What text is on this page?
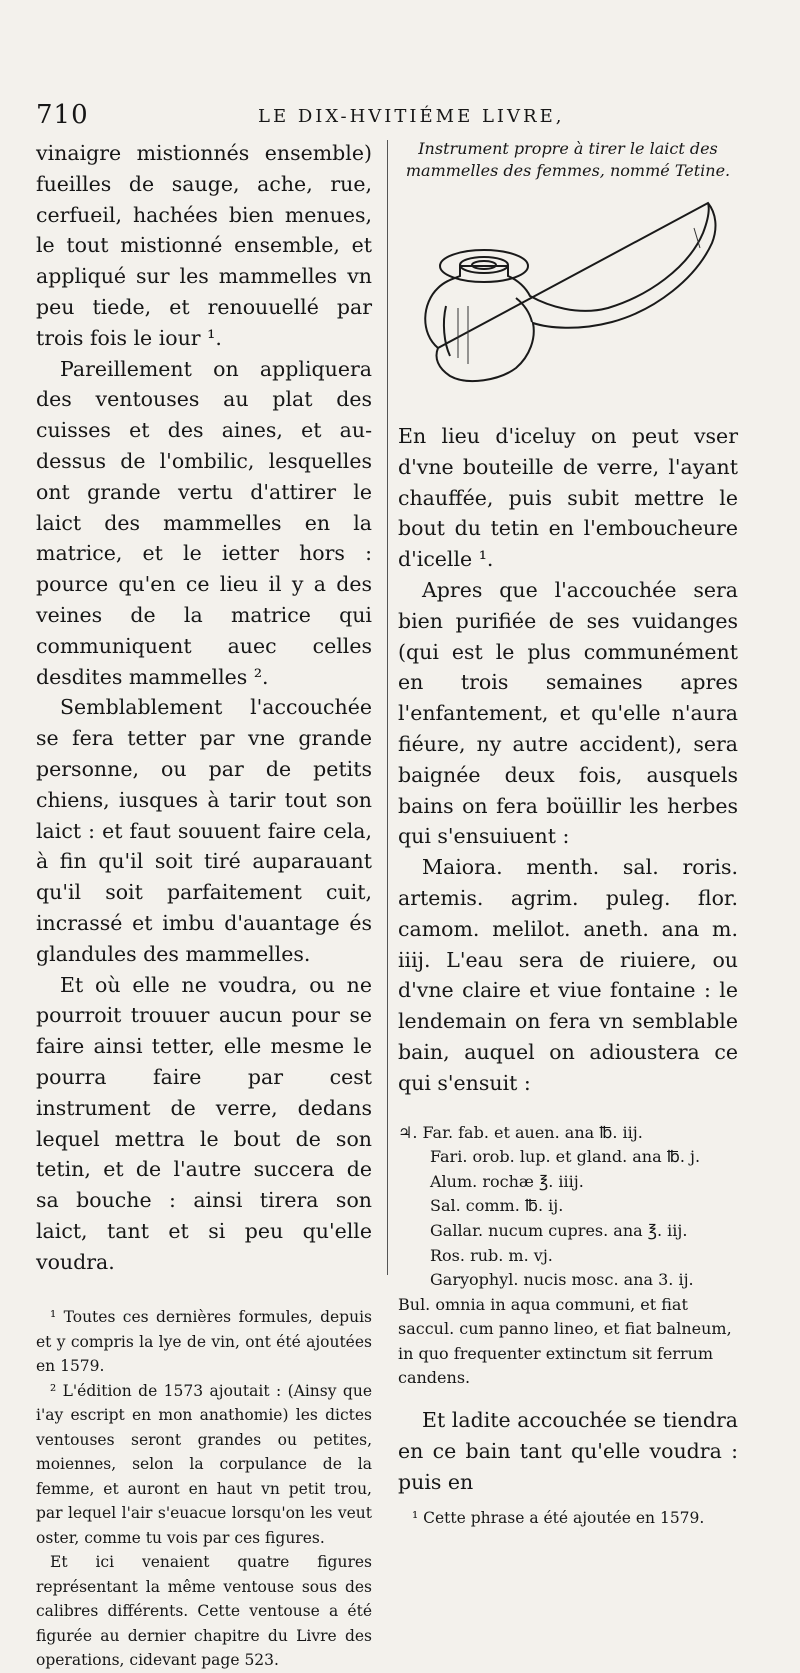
710	LE DIX-HVITIÉME LIVRE,

vinaigre mistionnés ensemble) fueilles de sauge, ache, rue, cerfueil, hachées bien menues, le tout mistionné ensemble, et appliqué sur les mammelles vn peu tiede, et renouuellé par trois fois le iour ¹.

Pareillement on appliquera des ventouses au plat des cuisses et des aines, et au-dessus de l'ombilic, lesquelles ont grande vertu d'attirer le laict des mammelles en la matrice, et le ietter hors : pource qu'en ce lieu il y a des veines de la matrice qui communiquent auec celles desdites mammelles ².

Semblablement l'accouchée se fera tetter par vne grande personne, ou par de petits chiens, iusques à tarir tout son laict : et faut souuent faire cela, à fin qu'il soit tiré auparauant qu'il soit parfaitement cuit, incrassé et imbu d'auantage és glandules des mammelles.

Et où elle ne voudra, ou ne pourroit trouuer aucun pour se faire ainsi tetter, elle mesme le pourra faire par cest instrument de verre, dedans lequel mettra le bout de son tetin, et de l'autre succera de sa bouche : ainsi tirera son laict, tant et si peu qu'elle voudra.

¹ Toutes ces dernières formules, depuis et y compris la lye de vin, ont été ajoutées en 1579.

² L'édition de 1573 ajoutait : (Ainsy que i'ay escript en mon anathomie) les dictes ventouses seront grandes ou petites, moiennes, selon la corpulance de la femme, et auront en haut vn petit trou, par lequel l'air s'euacue lorsqu'on les veut oster, comme tu vois par ces figures.

Et ici venaient quatre figures représentant la même ventouse sous des calibres différents. Cette ventouse a été figurée au dernier chapitre du Livre des operations, cidevant page 523.

Instrument propre à tirer le laict des mammelles des femmes, nommé Tetine.

En lieu d'iceluy on peut vser d'vne bouteille de verre, l'ayant chauffée, puis subit mettre le bout du tetin en l'emboucheure d'icelle ¹.

Apres que l'accouchée sera bien purifiée de ses vuidanges (qui est le plus communément en trois semaines apres l'enfantement, et qu'elle n'aura fiéure, ny autre accident), sera baignée deux fois, ausquels bains on fera boüillir les herbes qui s'ensuiuent :

Maiora. menth. sal. roris. artemis. agrim. puleg. flor. camom. melilot. aneth. ana m. iiij. L'eau sera de riuiere, ou d'vne claire et viue fontaine : le lendemain on fera vn semblable bain, auquel on adioustera ce qui s'ensuit :

♃. Far. fab. et auen. ana ℔. iij.

Fari. orob. lup. et gland. ana ℔. j.

Alum. rochæ ℥. iiij.

Sal. comm. ℔. ij.

Gallar. nucum cupres. ana ℥. iij.

Ros. rub. m. vj.

Garyophyl. nucis mosc. ana 3. ij.

Bul. omnia in aqua communi, et fiat saccul. cum panno lineo, et fiat balneum, in quo frequenter extinctum sit ferrum candens.

Et ladite accouchée se tiendra en ce bain tant qu'elle voudra : puis en

¹ Cette phrase a été ajoutée en 1579.
